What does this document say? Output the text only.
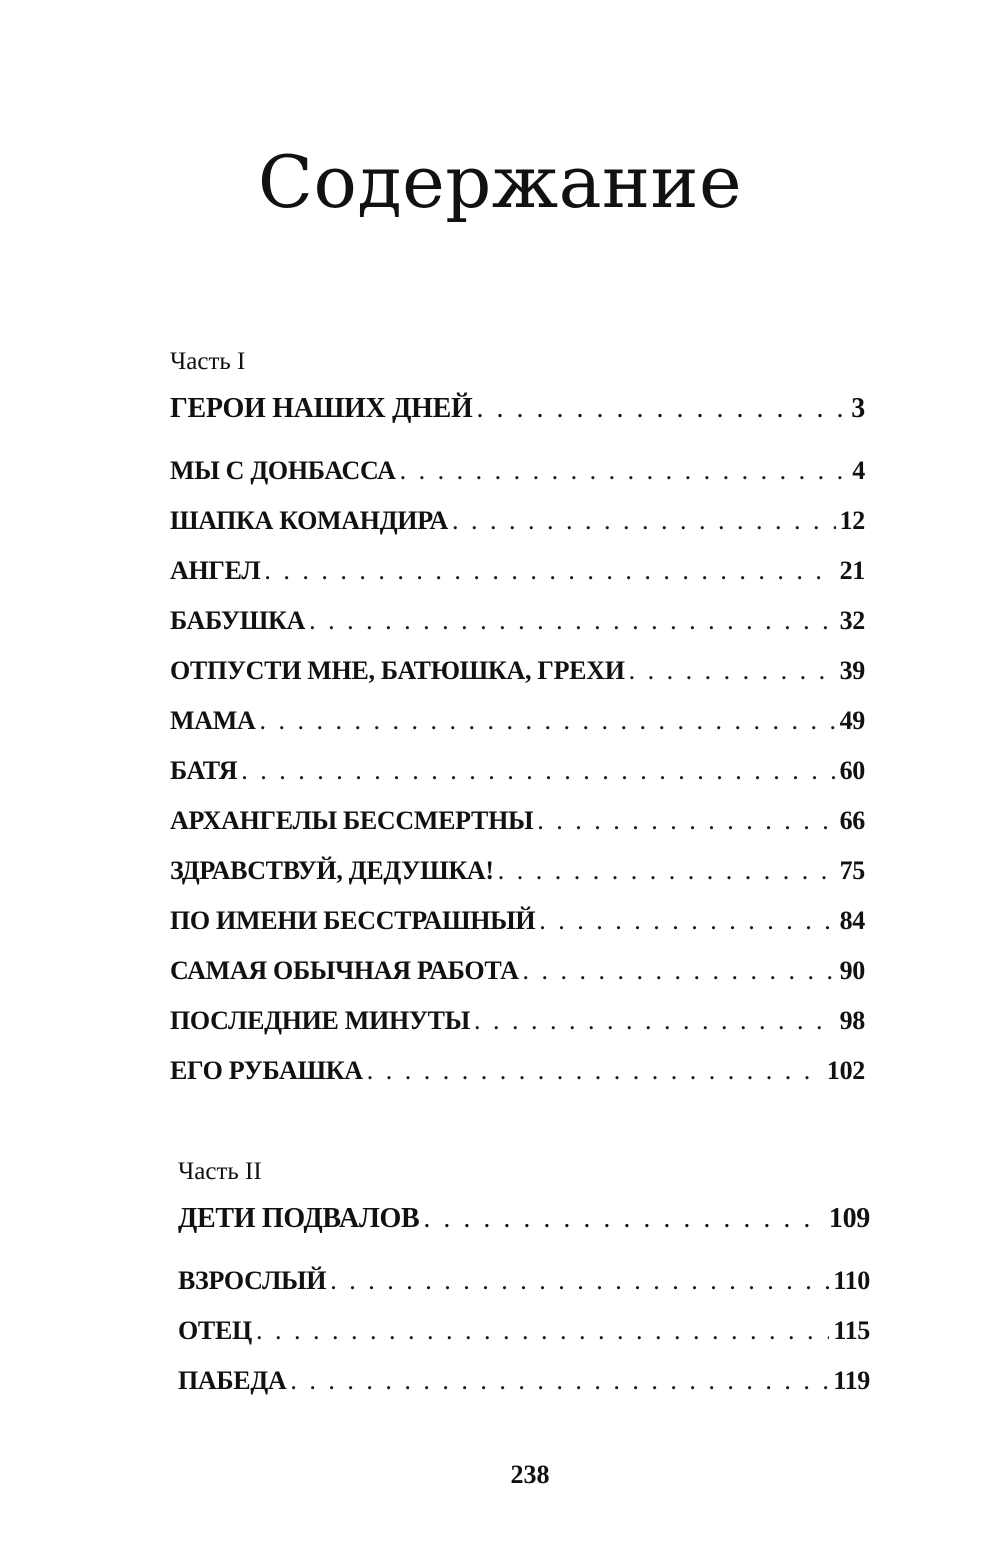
Содержание
Часть I
ГЕРОИ НАШИХ ДНЕЙ . . .	3
МЫ С ДОНБАССА . . .	4
ШАПКА КОМАНДИРА . . .	12
АНГЕЛ . . .	21
БАБУШКА . . .	32
ОТПУСТИ МНЕ, БАТЮШКА, ГРЕХИ . . .	39
МАМА . . .	49
БАТЯ . . .	60
АРХАНГЕЛЫ БЕССМЕРТНЫ . . .	66
ЗДРАВСТВУЙ, ДЕДУШКА! . . .	75
ПО ИМЕНИ БЕССТРАШНЫЙ . . .	84
САМАЯ ОБЫЧНАЯ РАБОТА . . .	90
ПОСЛЕДНИЕ МИНУТЫ . . .	98
ЕГО РУБАШКА . . .	102
Часть II
ДЕТИ ПОДВАЛОВ . . .	109
ВЗРОСЛЫЙ . . .	110
ОТЕЦ . . .	115
ПАБЕДА . . .	119
238
